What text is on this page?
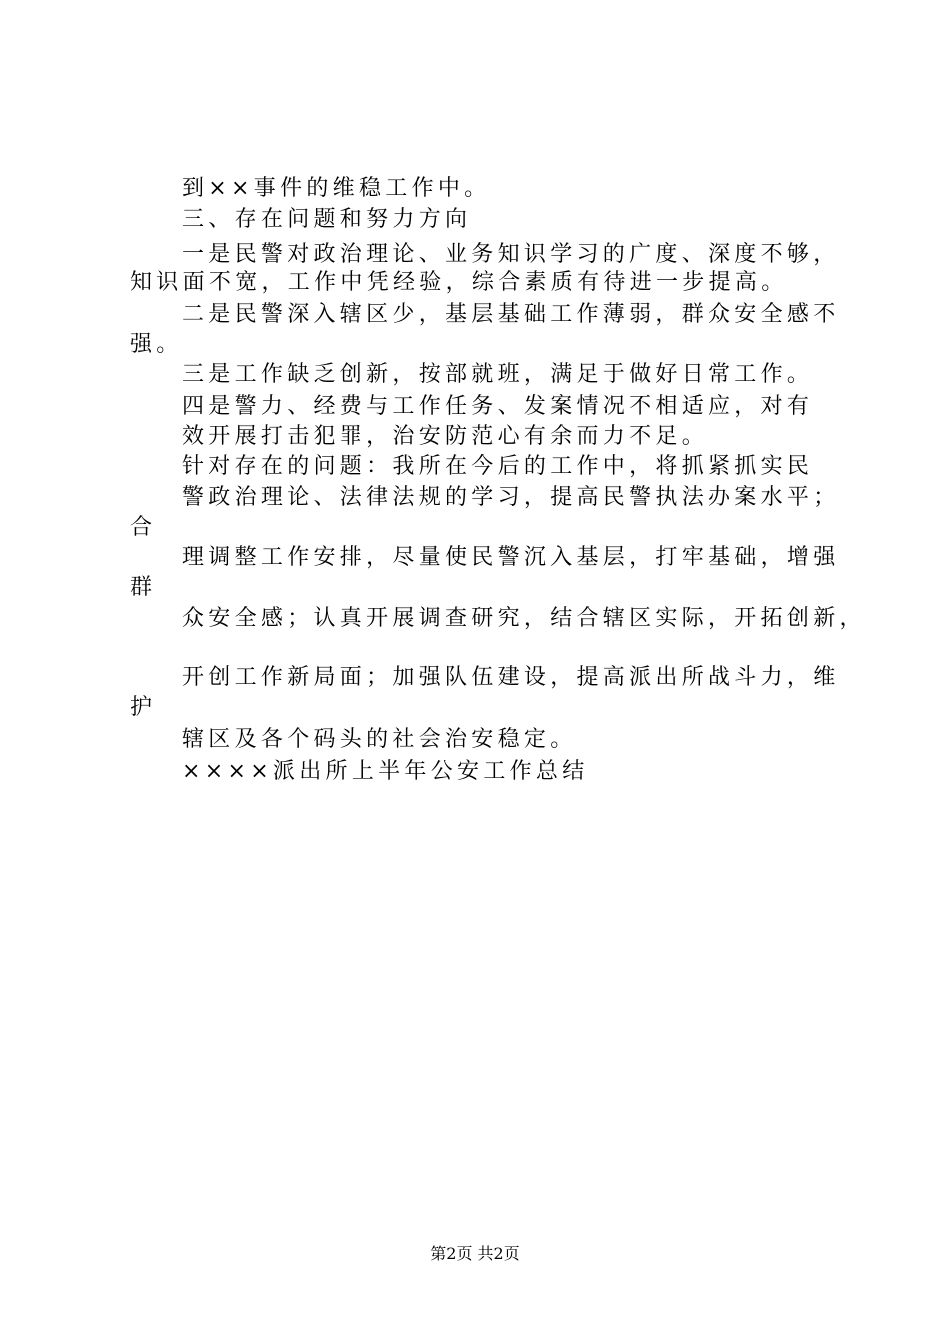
到××事件的维稳工作中。
三、存在问题和努力方向
一是民警对政治理论、业务知识学习的广度、深度不够，
知识面不宽，工作中凭经验，综合素质有待进一步提高。
二是民警深入辖区少，基层基础工作薄弱，群众安全感不
强。
三是工作缺乏创新，按部就班，满足于做好日常工作。
四是警力、经费与工作任务、发案情况不相适应，对有
效开展打击犯罪，治安防范心有余而力不足。
针对存在的问题：我所在今后的工作中，将抓紧抓实民
警政治理论、法律法规的学习，提高民警执法办案水平；
合
理调整工作安排，尽量使民警沉入基层，打牢基础，增强
群
众安全感；认真开展调查研究，结合辖区实际，开拓创新，
开创工作新局面；加强队伍建设，提高派出所战斗力，维
护
辖区及各个码头的社会治安稳定。
××××派出所上半年公安工作总结
第2页 共2页
